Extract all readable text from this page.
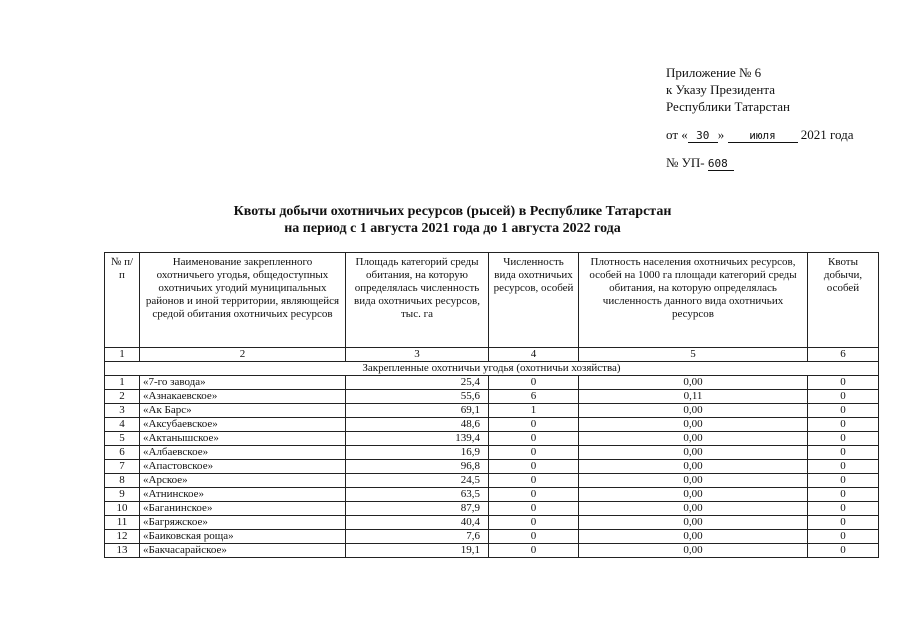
Приложение № 6
к Указу Президента
Республики Татарстан
от « 30 » июля 2021 года
№ УП- 608
Квоты добычи охотничьих ресурсов (рысей) в Республике Татарстан
на период с 1 августа 2021 года до 1 августа 2022 года
№ п/п	Наименование закрепленного охотничьего угодья, общедоступных охотничьих угодий муниципальных районов и иной территории, являющейся средой обитания охотничьих ресурсов	Площадь категорий среды обитания, на которую определялась численность вида охотничьих ресурсов, тыс. га	Численность вида охотничьих ресурсов, особей	Плотность населения охотничьих ресурсов, особей на 1000 га площади категорий среды обитания, на которую определялась численность данного вида охотничьих ресурсов	Квоты добычи, особей
1	2	3	4	5	6
Закрепленные охотничьи угодья (охотничьи хозяйства)					
1	«7-го завода»	25,4	0	0,00	0
2	«Азнакаевское»	55,6	6	0,11	0
3	«Ак Барс»	69,1	1	0,00	0
4	«Аксубаевское»	48,6	0	0,00	0
5	«Актанышское»	139,4	0	0,00	0
6	«Албаевское»	16,9	0	0,00	0
7	«Апастовское»	96,8	0	0,00	0
8	«Арское»	24,5	0	0,00	0
9	«Атнинское»	63,5	0	0,00	0
10	«Баганинское»	87,9	0	0,00	0
11	«Багряжское»	40,4	0	0,00	0
12	«Баиковская роща»	7,6	0	0,00	0
13	«Бакчасарайское»	19,1	0	0,00	0
